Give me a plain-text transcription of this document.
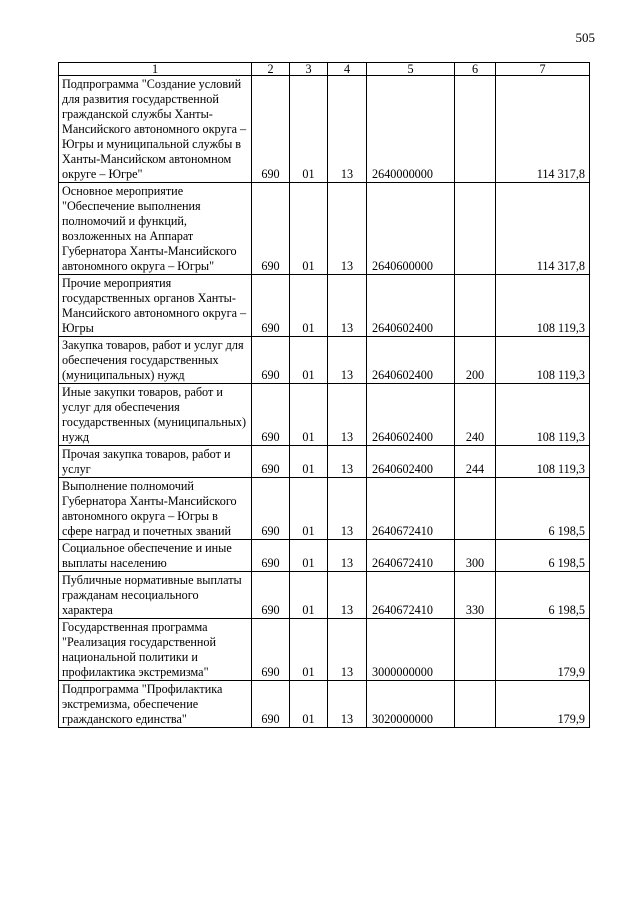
505
1	2	3	4	5	6	7
Подпрограмма "Создание условий для развития государственной гражданской службы Ханты-Мансийского автономного округа – Югры и муниципальной службы в Ханты-Мансийском автономном округе – Югре"	690	01	13	2640000000		114 317,8
Основное мероприятие "Обеспечение выполнения полномочий и функций, возложенных на Аппарат Губернатора Ханты-Мансийского автономного округа – Югры"	690	01	13	2640600000		114 317,8
Прочие мероприятия государственных органов Ханты-Мансийского автономного округа – Югры	690	01	13	2640602400		108 119,3
Закупка товаров, работ и услуг для обеспечения государственных (муниципальных) нужд	690	01	13	2640602400	200	108 119,3
Иные закупки товаров, работ и услуг для обеспечения государственных (муниципальных) нужд	690	01	13	2640602400	240	108 119,3
Прочая закупка товаров, работ и услуг	690	01	13	2640602400	244	108 119,3
Выполнение полномочий Губернатора Ханты-Мансийского автономного округа – Югры в сфере наград и почетных званий	690	01	13	2640672410		6 198,5
Социальное обеспечение и иные выплаты населению	690	01	13	2640672410	300	6 198,5
Публичные нормативные выплаты гражданам несоциального характера	690	01	13	2640672410	330	6 198,5
Государственная программа "Реализация государственной национальной политики и профилактика экстремизма"	690	01	13	3000000000		179,9
Подпрограмма "Профилактика экстремизма, обеспечение гражданского единства"	690	01	13	3020000000		179,9
